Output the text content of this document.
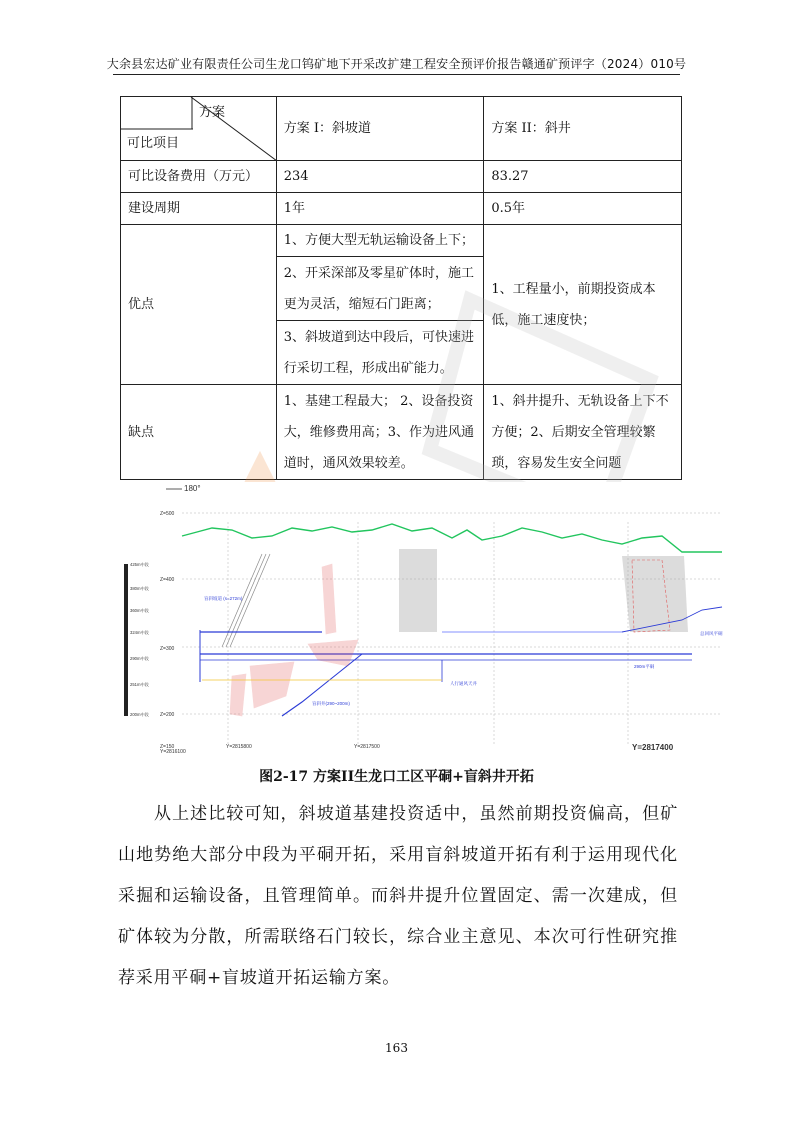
大余县宏达矿业有限责任公司生龙口钨矿地下开采改扩建工程安全预评价报告赣通矿预评字（2024）010号
方案
可比项目	方案 I：斜坡道	方案 II：斜井
可比设备费用（万元）	234	83.27
建设周期	1年	0.5年
优点	1、方便大型无轨运输设备上下；	1、工程量小，前期投资成本低，施工速度快；
	2、开采深部及零星矿体时，施工更为灵活，缩短石门距离；	
	3、斜坡道到达中段后，可快速进行采切工程，形成出矿能力。	
缺点	1、基建工程最大； 2、设备投资大，维修费用高；3、作为进风通道时，通风效果较差。	1、斜井提升、无轨设备上下不方便；2、后期安全管理较繁琐，容易发生安全问题
180°
Z=500
Z=400
Z=300
Z=200
Z=150
Y=2816100
Y=2815800	Y=2817500	Y=2817400
425m中段
380m中段
360m中段
324m中段
290m中段
251m中段
200m中段
盲斜坡道 (s=272m)
人行通风天井
盲斜井(290~200m)
290m平硐
总回风平硐
图2-17 方案II生龙口工区平硐+盲斜井开拓

从上述比较可知，斜坡道基建投资适中，虽然前期投资偏高，但矿山地势绝大部分中段为平硐开拓，采用盲斜坡道开拓有利于运用现代化采掘和运输设备，且管理简单。而斜井提升位置固定、需一次建成，但矿体较为分散，所需联络石门较长，综合业主意见、本次可行性研究推荐采用平硐+盲坡道开拓运输方案。

163
